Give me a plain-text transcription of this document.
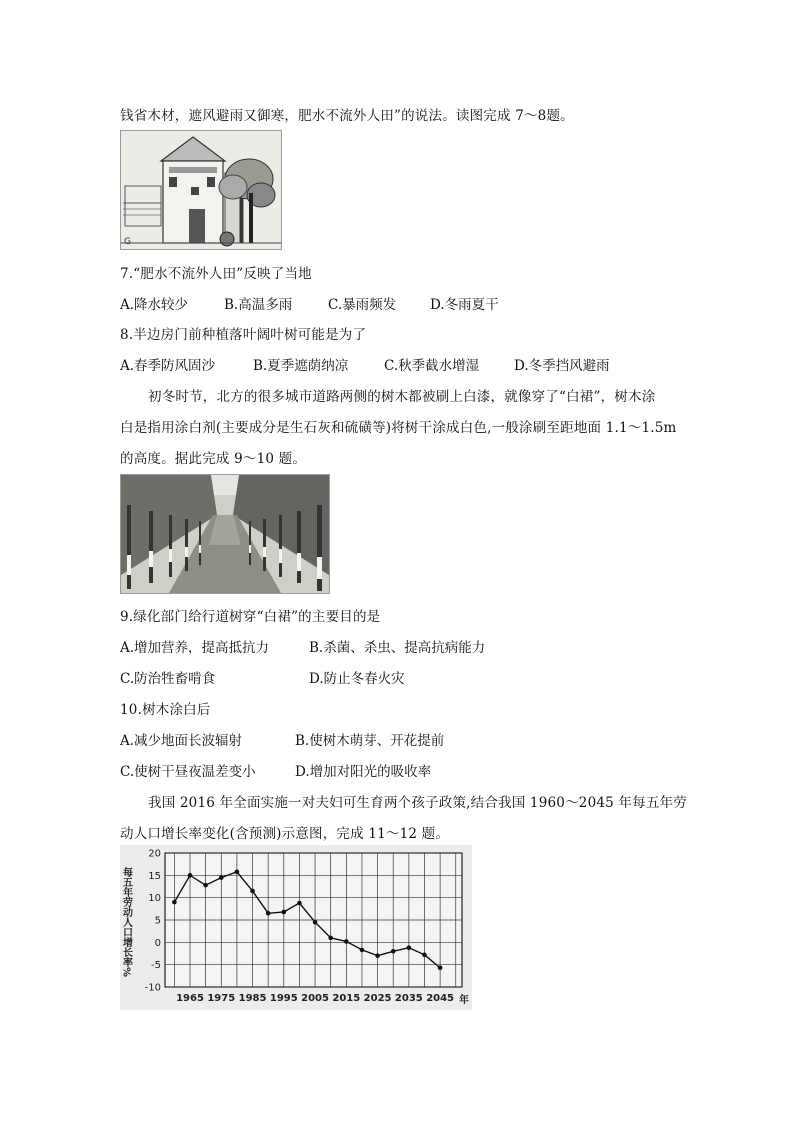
钱省木材，遮风避雨又御寒，肥水不流外人田”的说法。读图完成 7～8题。
G
7.“肥水不流外人田”反映了当地
A.降水较少	B.高温多雨	C.暴雨频发	D.冬雨夏干
8.半边房门前种植落叶阔叶树可能是为了
A.春季防风固沙	B.夏季遮荫纳凉	C.秋季截水增湿	D.冬季挡风避雨
初冬时节，北方的很多城市道路两侧的树木都被刷上白漆，就像穿了“白裙”，树木涂
白是指用涂白剂(主要成分是生石灰和硫磺等)将树干涂成白色,一般涂刷至距地面 1.1～1.5m
的高度。据此完成 9～10 题。
9.绿化部门给行道树穿“白裙”的主要目的是
A.增加营养，提高抵抗力	B.杀菌、杀虫、提高抗病能力
C.防治牲畜啃食	D.防止冬春火灾
10.树木涂白后
A.减少地面长波辐射	B.使树木萌芽、开花提前
C.使树干昼夜温差变小	D.增加对阳光的吸收率
我国 2016 年全面实施一对夫妇可生育两个孩子政策,结合我国 1960～2045 年每五年劳
动人口增长率变化(含预测)示意图，完成 11～12 题。
每五年劳动人口增长率%
20
15
10
5
0
-5
-10
1965 1975 1985 1995 2005 2015 2025 2035 2045 年
